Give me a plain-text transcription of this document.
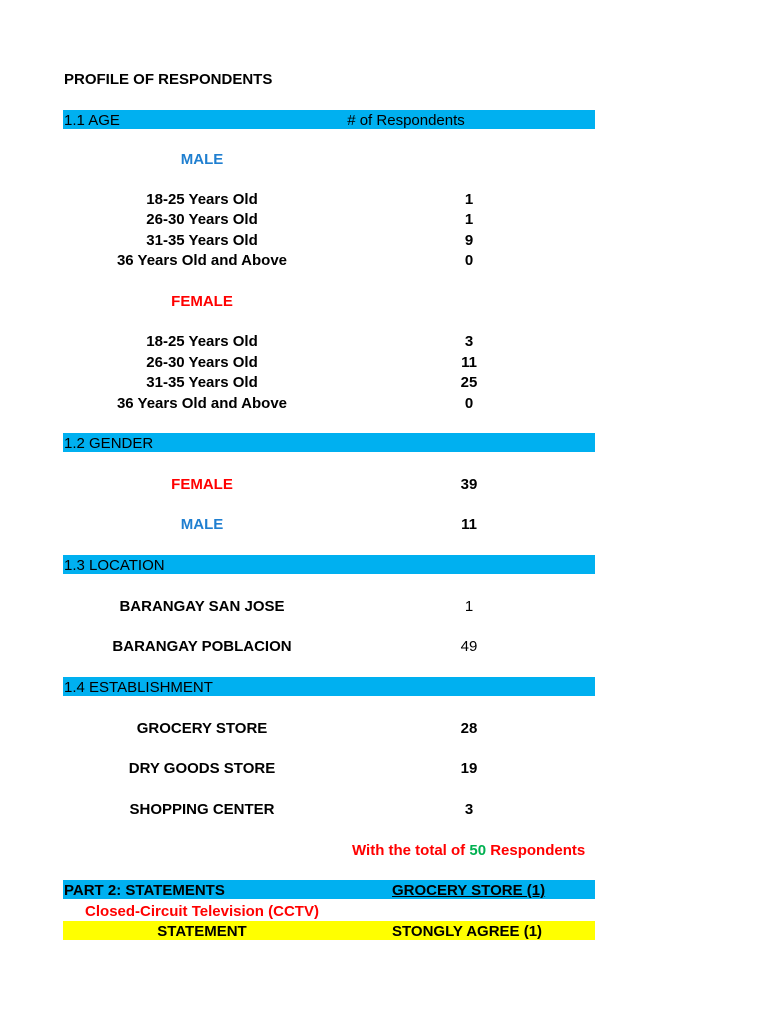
PROFILE OF RESPONDENTS
1.1 AGE	# of Respondents
MALE
18-25 Years Old	1
26-30 Years Old	1
31-35 Years Old	9
36 Years Old and Above	0
FEMALE
18-25 Years Old	3
26-30 Years Old	11
31-35 Years Old	25
36 Years Old and Above	0
1.2 GENDER
FEMALE	39
MALE	11
1.3 LOCATION
BARANGAY SAN JOSE	1
BARANGAY POBLACION	49
1.4 ESTABLISHMENT
GROCERY STORE	28
DRY GOODS STORE	19
SHOPPING CENTER	3
With the total of 50 Respondents
PART 2: STATEMENTS	GROCERY STORE (1)
Closed-Circuit Television (CCTV)
STATEMENT	STONGLY AGREE (1)
